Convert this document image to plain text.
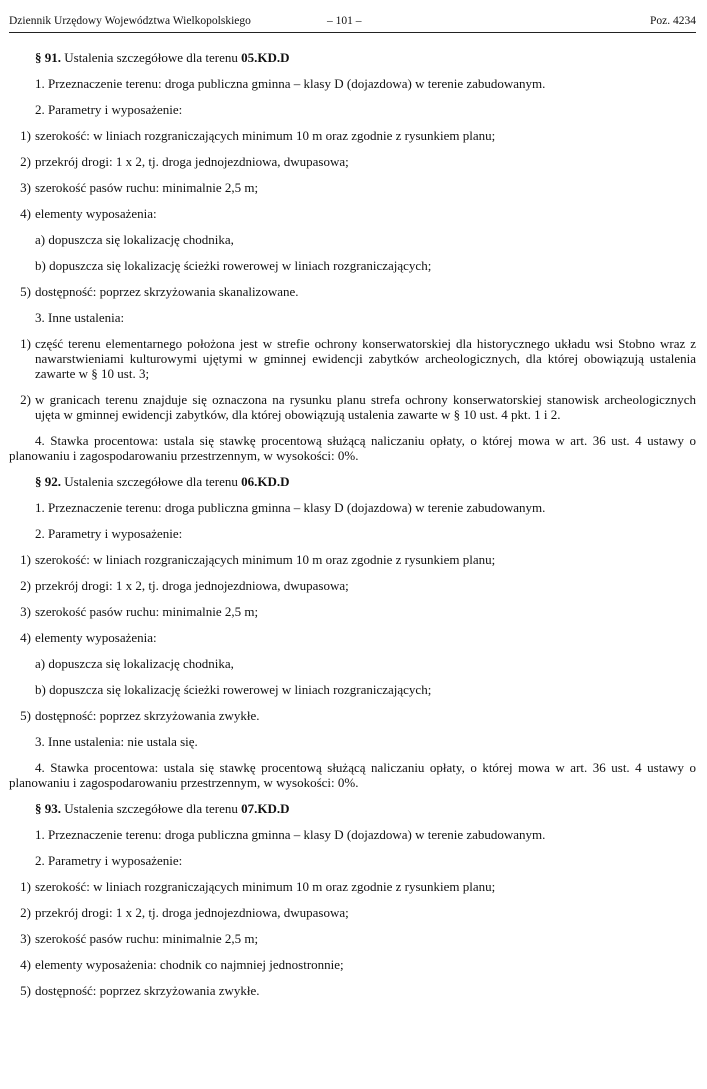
Dziennik Urzędowy Województwa Wielkopolskiego	– 101 –	Poz. 4234

§ 91. Ustalenia szczegółowe dla terenu 05.KD.D

1. Przeznaczenie terenu: droga publiczna gminna – klasy D (dojazdowa) w terenie zabudowanym.

2. Parametry i wyposażenie:

1) szerokość: w liniach rozgraniczających minimum 10 m oraz zgodnie z rysunkiem planu;
2) przekrój drogi: 1 x 2, tj. droga jednojezdniowa, dwupasowa;
3) szerokość pasów ruchu: minimalnie 2,5 m;
4) elementy wyposażenia:

a) dopuszcza się lokalizację chodnika,

b) dopuszcza się lokalizację ścieżki rowerowej w liniach rozgraniczających;

5) dostępność: poprzez skrzyżowania skanalizowane.

3. Inne ustalenia:

1) część terenu elementarnego położona jest w strefie ochrony konserwatorskiej dla historycznego układu wsi Stobno wraz z nawarstwieniami kulturowymi ujętymi w gminnej ewidencji zabytków archeologicznych, dla której obowiązują ustalenia zawarte w § 10 ust. 3;
2) w granicach terenu znajduje się oznaczona na rysunku planu strefa ochrony konserwatorskiej stanowisk archeologicznych ujęta w gminnej ewidencji zabytków, dla której obowiązują ustalenia zawarte w § 10 ust. 4 pkt. 1 i 2.

4. Stawka procentowa: ustala się stawkę procentową służącą naliczaniu opłaty, o której mowa w art. 36 ust. 4 ustawy o planowaniu i zagospodarowaniu przestrzennym, w wysokości: 0%.

§ 92. Ustalenia szczegółowe dla terenu 06.KD.D

1. Przeznaczenie terenu: droga publiczna gminna – klasy D (dojazdowa) w terenie zabudowanym.

2. Parametry i wyposażenie:

1) szerokość: w liniach rozgraniczających minimum 10 m oraz zgodnie z rysunkiem planu;
2) przekrój drogi: 1 x 2, tj. droga jednojezdniowa, dwupasowa;
3) szerokość pasów ruchu: minimalnie 2,5 m;
4) elementy wyposażenia:

a) dopuszcza się lokalizację chodnika,

b) dopuszcza się lokalizację ścieżki rowerowej w liniach rozgraniczających;

5) dostępność: poprzez skrzyżowania zwykłe.

3. Inne ustalenia: nie ustala się.

4. Stawka procentowa: ustala się stawkę procentową służącą naliczaniu opłaty, o której mowa w art. 36 ust. 4 ustawy o planowaniu i zagospodarowaniu przestrzennym, w wysokości: 0%.

§ 93. Ustalenia szczegółowe dla terenu 07.KD.D

1. Przeznaczenie terenu: droga publiczna gminna – klasy D (dojazdowa) w terenie zabudowanym.

2. Parametry i wyposażenie:

1) szerokość: w liniach rozgraniczających minimum 10 m oraz zgodnie z rysunkiem planu;
2) przekrój drogi: 1 x 2, tj. droga jednojezdniowa, dwupasowa;
3) szerokość pasów ruchu: minimalnie 2,5 m;
4) elementy wyposażenia: chodnik co najmniej jednostronnie;
5) dostępność: poprzez skrzyżowania zwykłe.
